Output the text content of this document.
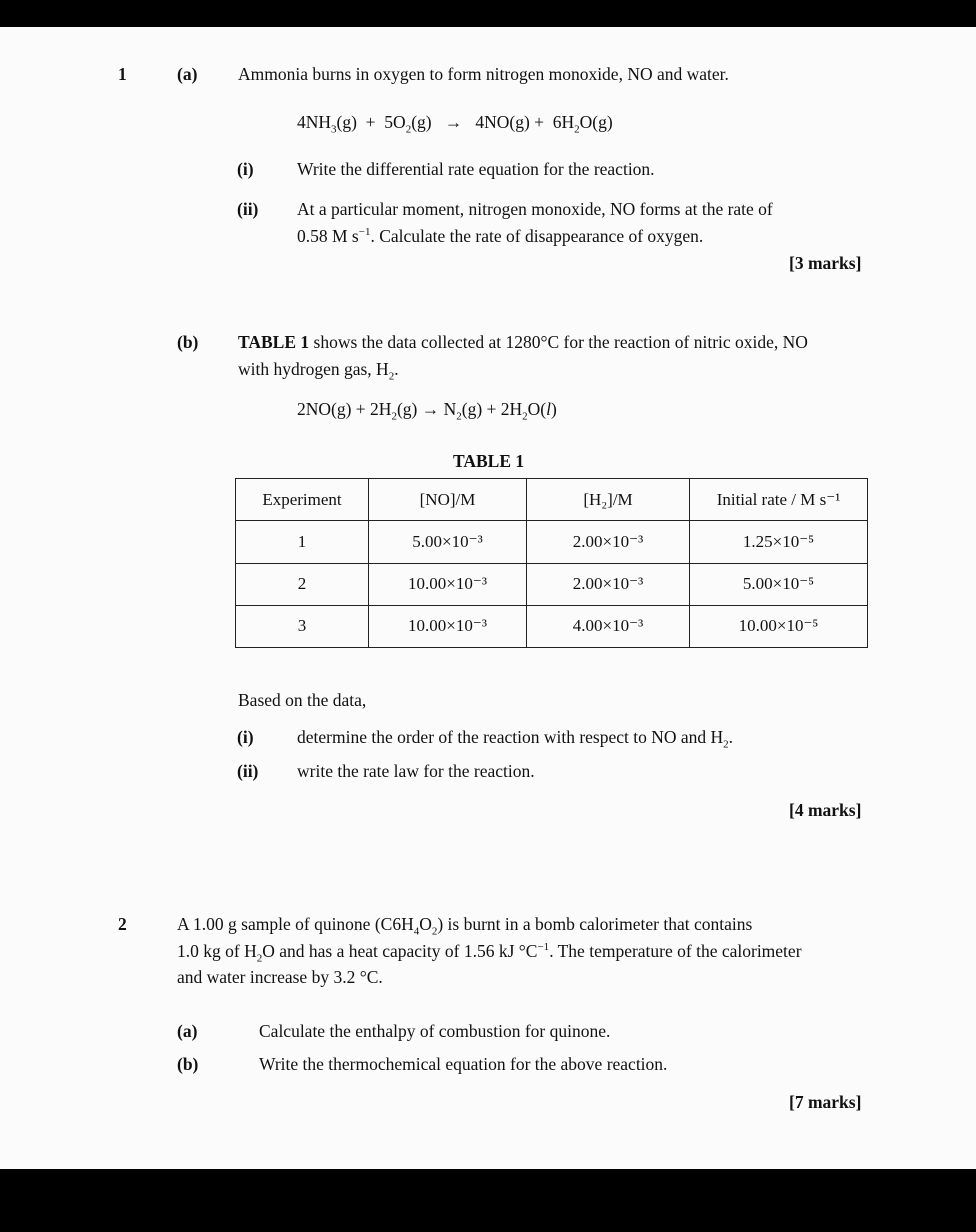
1	(a) Ammonia burns in oxygen to form nitrogen monoxide, NO and water.
$4NH_3(g) + 5O_2(g) \to 4NO(g) + 6H_2O(g)$
(i) Write the differential rate equation for the reaction.
(ii) At a particular moment, nitrogen monoxide, NO forms at the rate of
0.58 M $s^{-1}$. Calculate the rate of disappearance of oxygen.
[3 marks]
(b) TABLE 1 shows the data collected at 1280°C for the reaction of nitric oxide, NO
with hydrogen gas, $H_2$.
$2NO(g) + 2H_2(g) \to N_2(g) + 2H_2O(l)$
TABLE 1
Experiment	[NO]/M	[H₂]/M	Initial rate / M s⁻¹
1	5.00×10⁻³	2.00×10⁻³	1.25×10⁻⁵
2	10.00×10⁻³	2.00×10⁻³	5.00×10⁻⁵
3	10.00×10⁻³	4.00×10⁻³	10.00×10⁻⁵
Based on the data,
(i) determine the order of the reaction with respect to NO and $H_2$.
(ii) write the rate law for the reaction.
[4 marks]
2	A 1.00 g sample of quinone $(C6H_4O_2)$ is burnt in a bomb calorimeter that contains
1.0 kg of $H_2O$ and has a heat capacity of 1.56 kJ $^\circ C^{-1}$. The temperature of the calorimeter
and water increase by 3.2 °C.
(a)	Calculate the enthalpy of combustion for quinone.
(b)	Write the thermochemical equation for the above reaction.
[7 marks]
